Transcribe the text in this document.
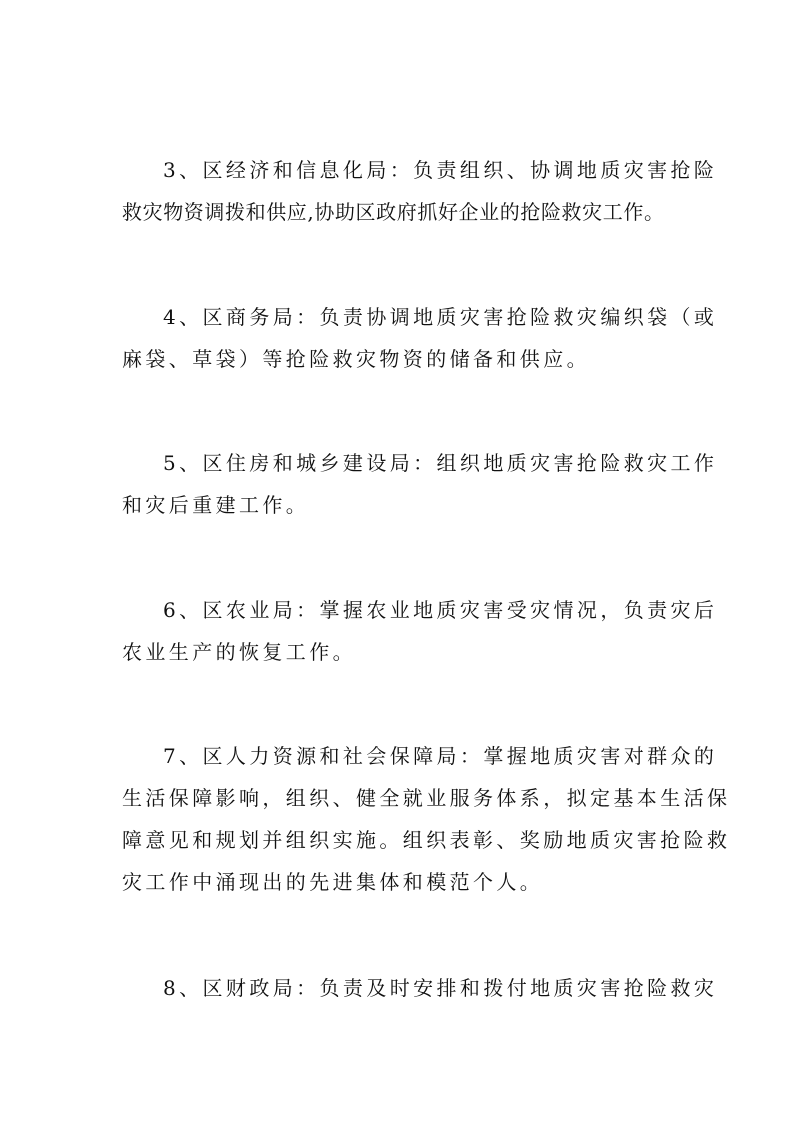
3、区经济和信息化局：负责组织、协调地质灾害抢险
救灾物资调拨和供应,协助区政府抓好企业的抢险救灾工作。

4、区商务局：负责协调地质灾害抢险救灾编织袋（或
麻袋、草袋）等抢险救灾物资的储备和供应。

5、区住房和城乡建设局：组织地质灾害抢险救灾工作
和灾后重建工作。

6、区农业局：掌握农业地质灾害受灾情况，负责灾后
农业生产的恢复工作。

7、区人力资源和社会保障局：掌握地质灾害对群众的
生活保障影响，组织、健全就业服务体系，拟定基本生活保
障意见和规划并组织实施。组织表彰、奖励地质灾害抢险救
灾工作中涌现出的先进集体和模范个人。

8、区财政局：负责及时安排和拨付地质灾害抢险救灾
